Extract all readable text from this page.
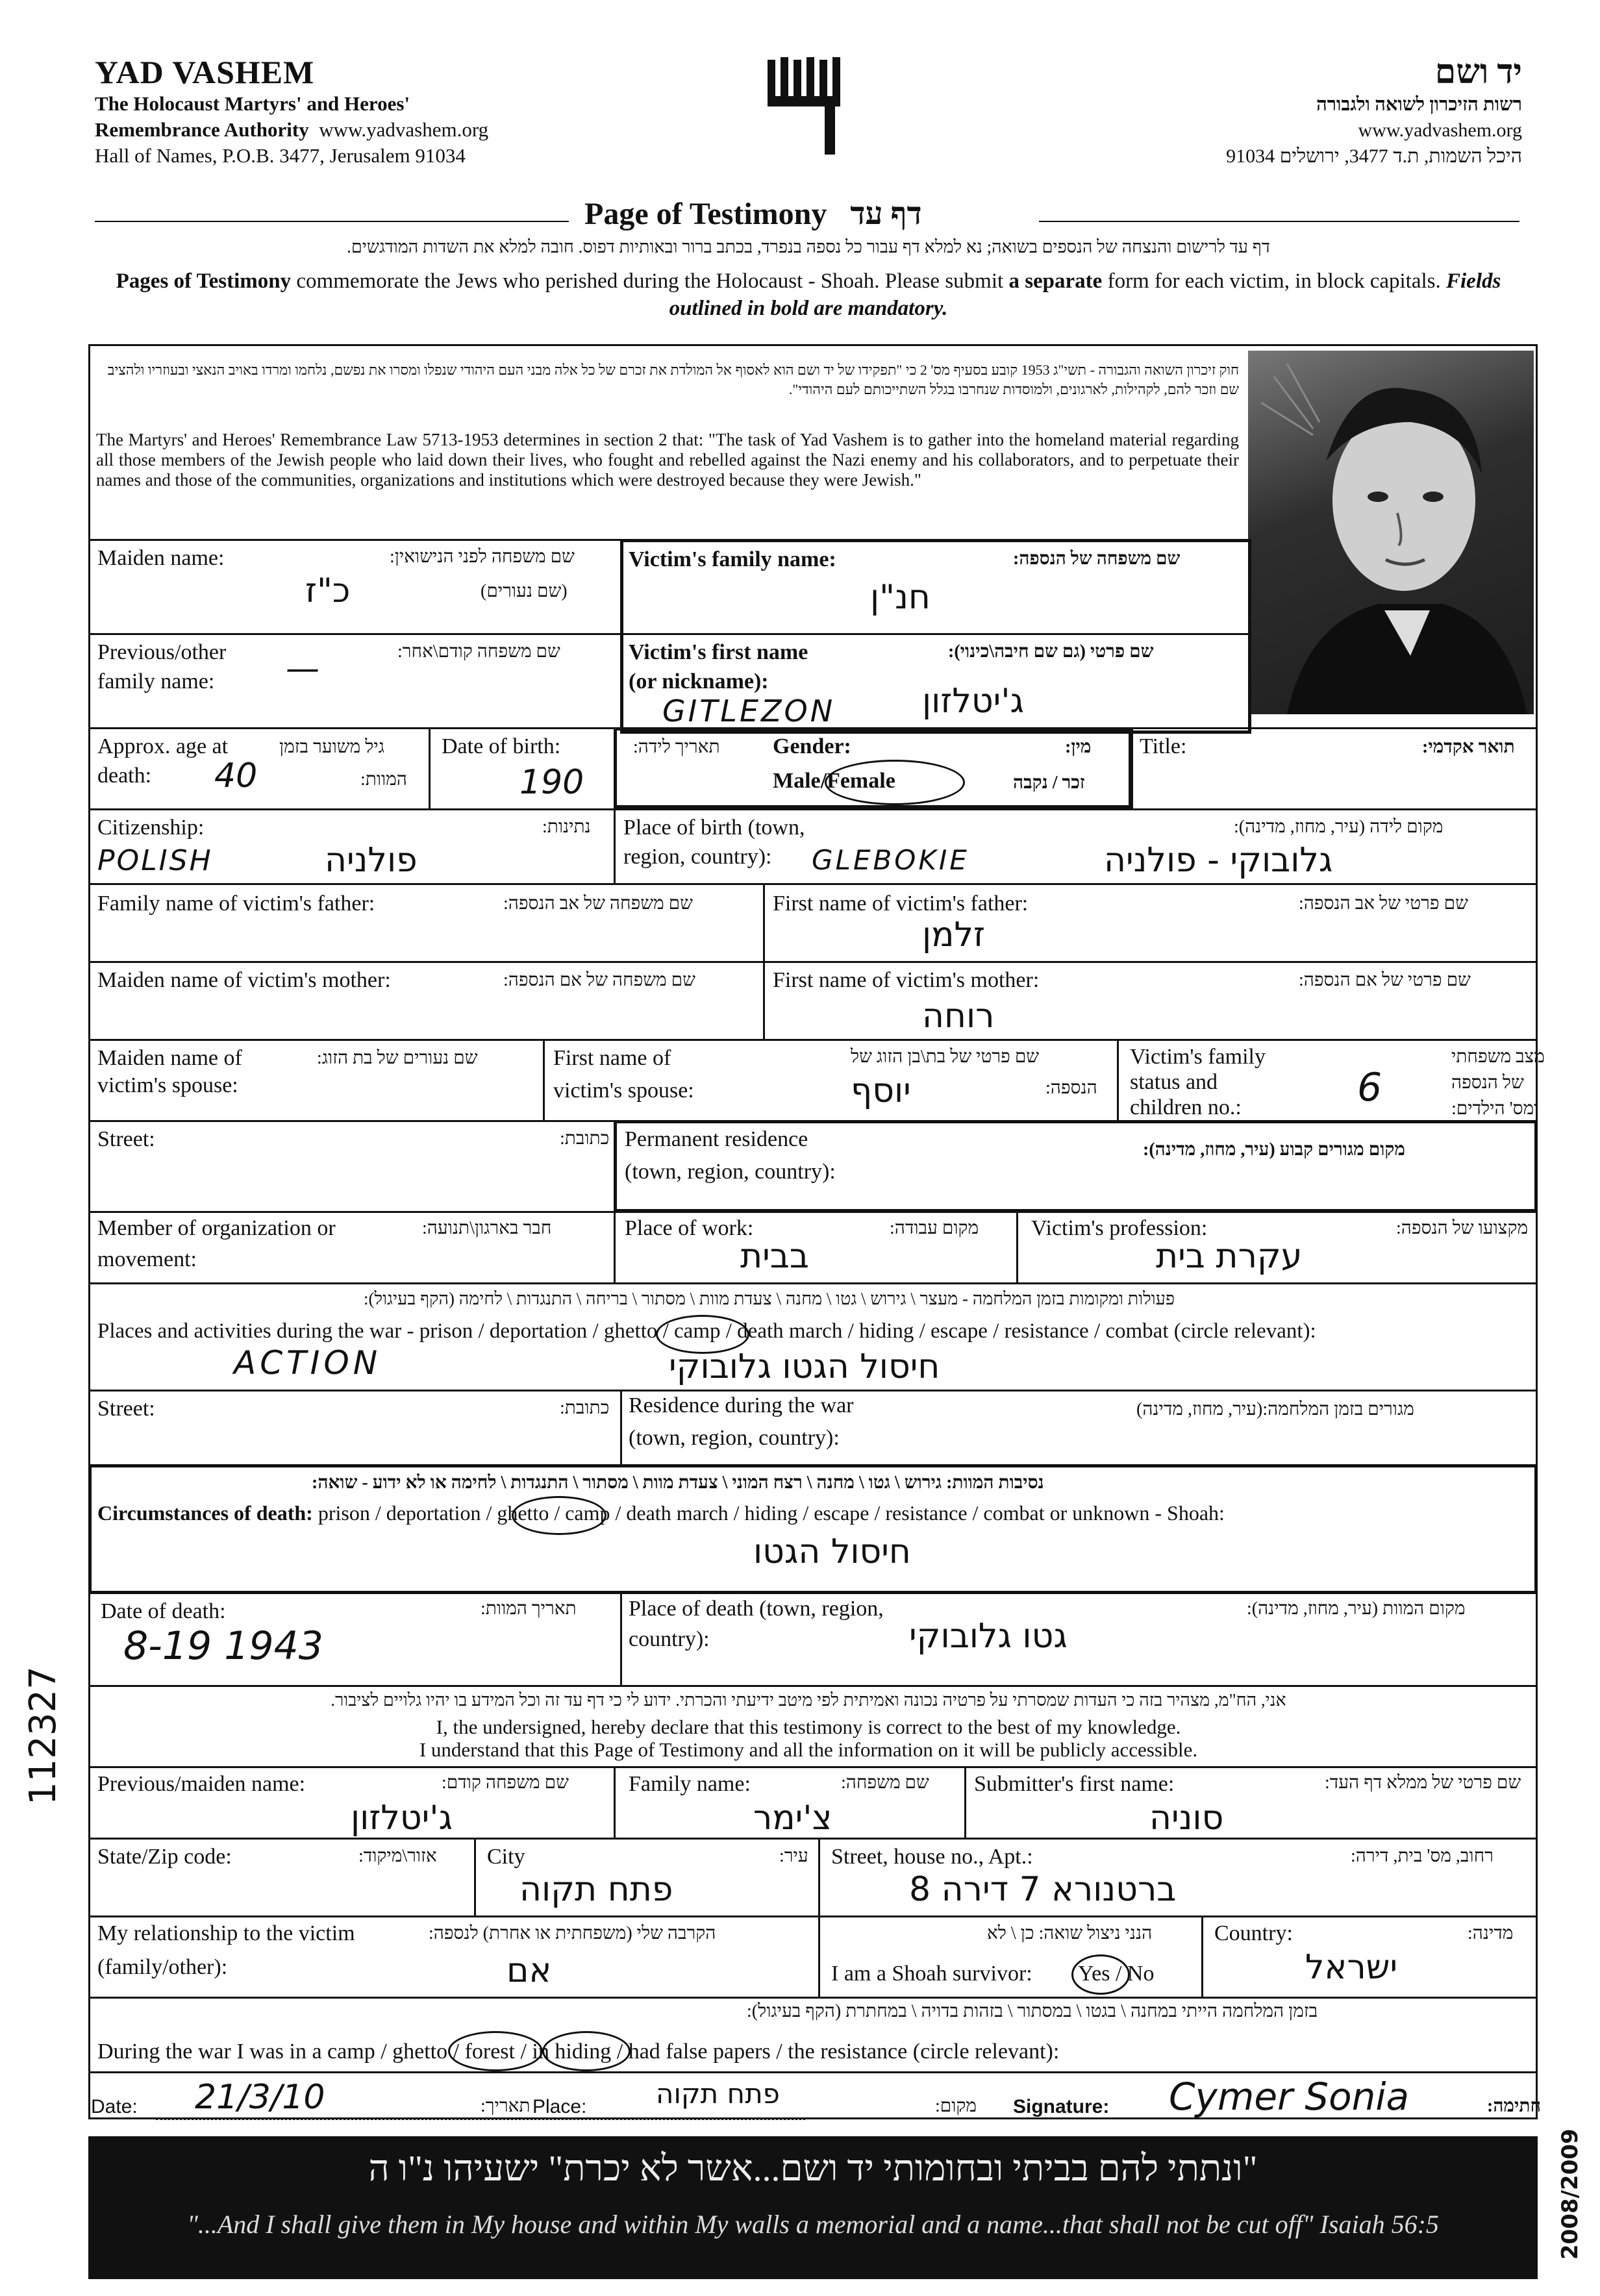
YAD VASHEM
The Holocaust Martyrs' and Heroes'
Remembrance Authority www.yadvashem.org
Hall of Names, P.O.B. 3477, Jerusalem 91034
יד ושם
רשות הזיכרון לשואה ולגבורה
www.yadvashem.org
היכל השמות, ת.ד 3477, ירושלים 91034
Page of Testimony דף עד
דף עד לרישום והנצחה של הנספים בשואה; נא למלא דף עבור כל נספה בנפרד, בכתב ברור ובאותיות דפוס. חובה למלא את השדות המודגשים.
Pages of Testimony commemorate the Jews who perished during the Holocaust - Shoah. Please submit a separate form for each victim, in block capitals. Fields outlined in bold are mandatory.
חוק זיכרון השואה והגבורה - תשי"ג 1953 קובע בסעיף מס' 2 כי "תפקידו של יד ושם הוא לאסוף אל המולדת את זכרם של כל אלה מבני העם היהודי שנפלו ומסרו את נפשם, נלחמו ומרדו באויב הנאצי ובעוזריו ולהציב שם וזכר להם, לקהילות, לארגונים, ולמוסדות שנחרבו בגלל השתייכותם לעם היהודי".
The Martyrs' and Heroes' Remembrance Law 5713-1953 determines in section 2 that: "The task of Yad Vashem is to gather into the homeland material regarding all those members of the Jewish people who laid down their lives, who fought and rebelled against the Nazi enemy and his collaborators, and to perpetuate their names and those of the communities, organizations and institutions which were destroyed because they were Jewish."
Maiden name:	שם משפחה לפני הנישואין:
(שם נעורים)
כ"ז
Victim's family name:	שם משפחה של הנספה:
חנ"ן
Previous/other
family name:
שם משפחה קודם\אחר:
—	Victim's first name
(or nickname):
שם פרטי (גם שם חיבה\כינוי):
GITLEZON	ג'יטלזון
Approx. age at
death:
גיל משוער בזמן
המוות:
40
Date of birth:	תאריך לידה:
190
Gender:	מין:
Male/Female	זכר / נקבה
Title:	תואר אקדמי:
Citizenship:	נתינות:
POLISH	פולניה
Place of birth (town,
region, country):
מקום לידה (עיר, מחוז, מדינה):
GLEBOKIE	גלובוקי - פולניה
Family name of victim's father:	שם משפחה של אב הנספה:	First name of victim's father:	שם פרטי של אב הנספה:
זלמן
Maiden name of victim's mother:	שם משפחה של אם הנספה:	First name of victim's mother:	שם פרטי של אם הנספה:
רוחה
Maiden name of
victim's spouse:
שם נעורים של בת הזוג:	First name of
victim's spouse:
שם פרטי של בת\בן הזוג של
הנספה:
יוסף
Victim's family
status and
children no.:
מצב משפחתי
של הנספה
ומס' הילדים:
6
Street:	כתובת: Permanent residence
(town, region, country):
מקום מגורים קבוע (עיר, מחוז, מדינה):
Member of organization or
movement:
חבר בארגון\תנועה:	Place of work:	מקום עבודה:
בבית
Victim's profession:	מקצועו של הנספה:
עקרת בית
פעולות ומקומות בזמן המלחמה - מעצר \ גירוש \ גטו \ מחנה \ צעדת מוות \ מסתור \ בריחה \ התנגדות \ לחימה (הקף בעיגול):
Places and activities during the war - prison / deportation / ghetto / camp / death march / hiding / escape / resistance / combat (circle relevant):
ACTION	חיסול הגטו גלובוקי
Street:	כתובת: Residence during the war
(town, region, country):
מגורים בזמן המלחמה:(עיר, מחוז, מדינה)
נסיבות המוות: גירוש \ גטו \ מחנה \ רצח המוני \ צעדת מוות \ מסתור \ התנגדות \ לחימה או לא ידוע - שואה:
Circumstances of death: prison / deportation / ghetto / camp / death march / hiding / escape / resistance / combat or unknown - Shoah:
חיסול הגטו
Date of death:	תאריך המוות:
8-19 1943
Place of death (town, region,
country):
מקום המוות (עיר, מחוז, מדינה):
גטו גלובוקי
אני, הח"מ, מצהיר בזה כי העדות שמסרתי על פרטיה נכונה ואמיתית לפי מיטב ידיעתי והכרתי. ידוע לי כי דף עד זה וכל המידע בו יהיו גלויים לציבור.
I, the undersigned, hereby declare that this testimony is correct to the best of my knowledge.
I understand that this Page of Testimony and all the information on it will be publicly accessible.
Previous/maiden name:	שם משפחה קודם:
ג'יטלזון
Family name:	שם משפחה:
צ'ימר
Submitter's first name:	שם פרטי של ממלא דף העד:
סוניה
State/Zip code:	אזור\מיקוד: City	עיר:
פתח תקוה
Street, house no., Apt.:	רחוב, מס' בית, דירה:
ברטנורא 7 דירה 8
My relationship to the victim
(family/other):
הקרבה שלי (משפחתית או אחרת) לנספה:
אם
הנני ניצול שואה: כן \ לא
I am a Shoah survivor: Yes / No
Country:	מדינה:
ישראל
בזמן המלחמה הייתי במחנה \ בגטו \ במסתור \ בזהות בדויה \ במחתרת (הקף בעיגול):
During the war I was in a camp / ghetto / forest / in hiding / had false papers / the resistance (circle relevant):
Date: 21/3/10	תאריך: Place:	פתח תקוה	מקום: Signature: Cymer Sonia	חתימה:
"ונתתי להם בביתי ובחומותי יד ושם...אשר לא יכרת" ישעיהו נ"ו ה
"...And I shall give them in My house and within My walls a memorial and a name...that shall not be cut off" Isaiah 56:5
112327
2008/2009
